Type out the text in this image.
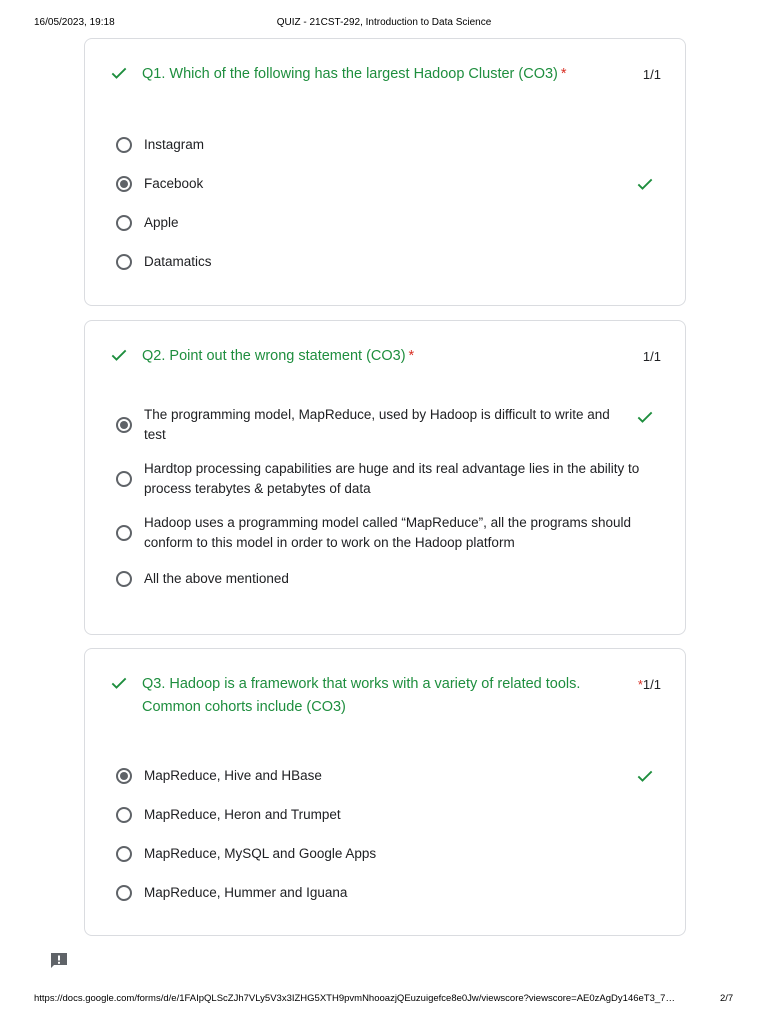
16/05/2023, 19:18	QUIZ - 21CST-292, Introduction to Data Science
Q1. Which of the following has the largest Hadoop Cluster (CO3) *	1/1
Instagram
Facebook
Apple
Datamatics
Q2. Point out the wrong statement (CO3) *	1/1
The programming model, MapReduce, used by Hadoop is difficult to write and test
Hardtop processing capabilities are huge and its real advantage lies in the ability to process terabytes & petabytes of data
Hadoop uses a programming model called “MapReduce”, all the programs should conform to this model in order to work on the Hadoop platform
All the above mentioned
Q3. Hadoop is a framework that works with a variety of related tools. Common cohorts include (CO3)
*1/1
MapReduce, Hive and HBase
MapReduce, Heron and Trumpet
MapReduce, MySQL and Google Apps
MapReduce, Hummer and Iguana
https://docs.google.com/forms/d/e/1FAIpQLScZJh7VLy5V3x3IZHG5XTH9pvmNhooazjQEuzuigefce8e0Jw/viewscore?viewscore=AE0zAgDy146eT3_7…	2/7
